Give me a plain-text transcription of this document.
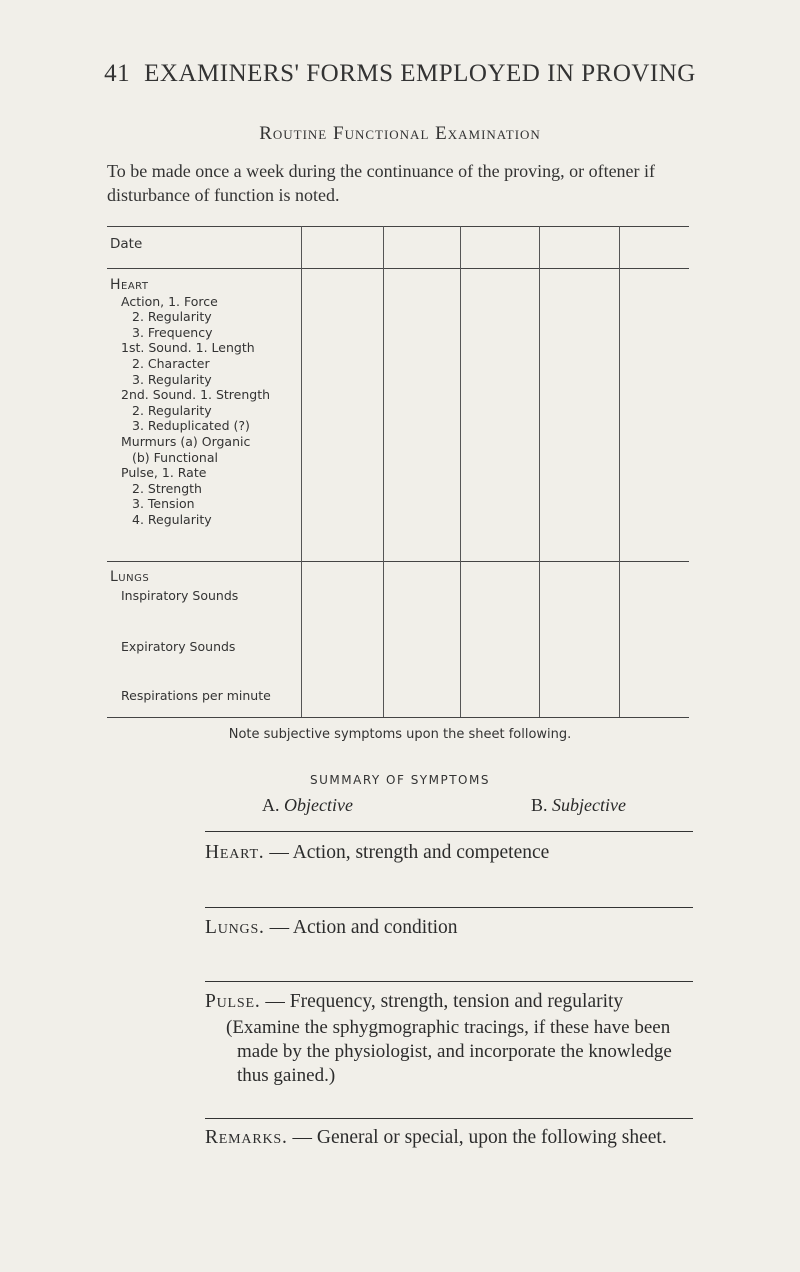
41 EXAMINERS' FORMS EMPLOYED IN PROVING
Routine Functional Examination
To be made once a week during the continuance of the proving, or oftener if disturbance of function is noted.
Date
Heart
Action, 1. Force
2. Regularity
3. Frequency
1st. Sound. 1. Length
2. Character
3. Regularity
2nd. Sound. 1. Strength
2. Regularity
3. Reduplicated (?)
Murmurs (a) Organic
(b) Functional
Pulse, 1. Rate
2. Strength
3. Tension
4. Regularity
Lungs
Inspiratory Sounds
Expiratory Sounds
Respirations per minute
Note subjective symptoms upon the sheet following.
SUMMARY OF SYMPTOMS
A. Objective	B. Subjective
Heart. — Action, strength and competence
Lungs. — Action and condition
Pulse. — Frequency, strength, tension and regularity
(Examine the sphygmographic tracings, if these have been
made by the physiologist, and incorporate the knowledge
thus gained.)
Remarks. — General or special, upon the following sheet.
